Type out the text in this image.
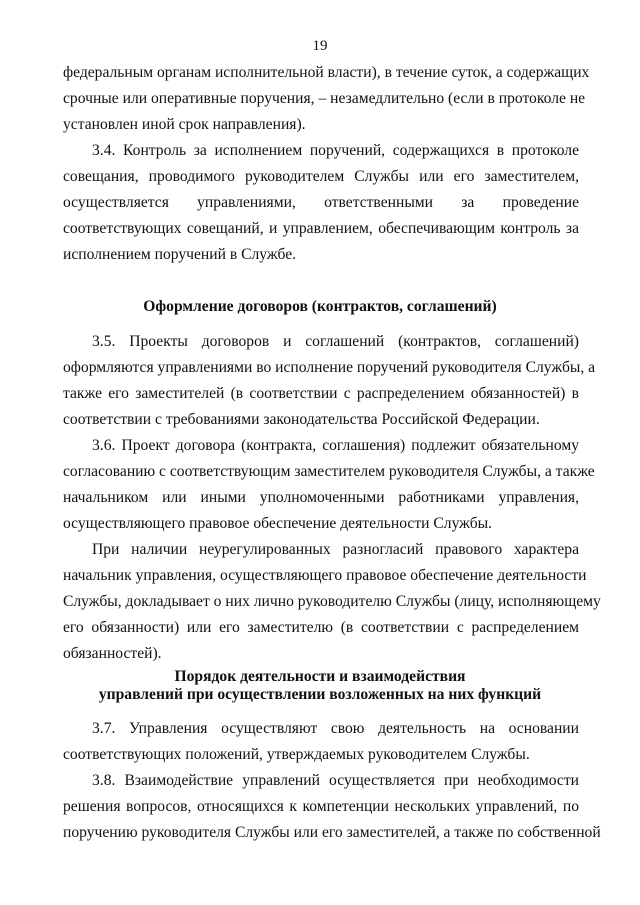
19
федеральным органам исполнительной власти), в течение суток, а содержащих
срочные или оперативные поручения, – незамедлительно (если в протоколе не
установлен иной срок направления).
3.4. Контроль за исполнением поручений, содержащихся в протоколе
совещания, проводимого руководителем Службы или его заместителем,
осуществляется управлениями, ответственными за проведение
соответствующих совещаний, и управлением, обеспечивающим контроль за
исполнением поручений в Службе.
Оформление договоров (контрактов, соглашений)
3.5. Проекты договоров и соглашений (контрактов, соглашений)
оформляются управлениями во исполнение поручений руководителя Службы, а
также его заместителей (в соответствии с распределением обязанностей) в
соответствии с требованиями законодательства Российской Федерации.
3.6. Проект договора (контракта, соглашения) подлежит обязательному
согласованию с соответствующим заместителем руководителя Службы, а также
начальником или иными уполномоченными работниками управления,
осуществляющего правовое обеспечение деятельности Службы.
При наличии неурегулированных разногласий правового характера
начальник управления, осуществляющего правовое обеспечение деятельности
Службы, докладывает о них лично руководителю Службы (лицу, исполняющему
его обязанности) или его заместителю (в соответствии с распределением
обязанностей).
Порядок деятельности и взаимодействия
управлений при осуществлении возложенных на них функций
3.7. Управления осуществляют свою деятельность на основании
соответствующих положений, утверждаемых руководителем Службы.
3.8. Взаимодействие управлений осуществляется при необходимости
решения вопросов, относящихся к компетенции нескольких управлений, по
поручению руководителя Службы или его заместителей, а также по собственной
